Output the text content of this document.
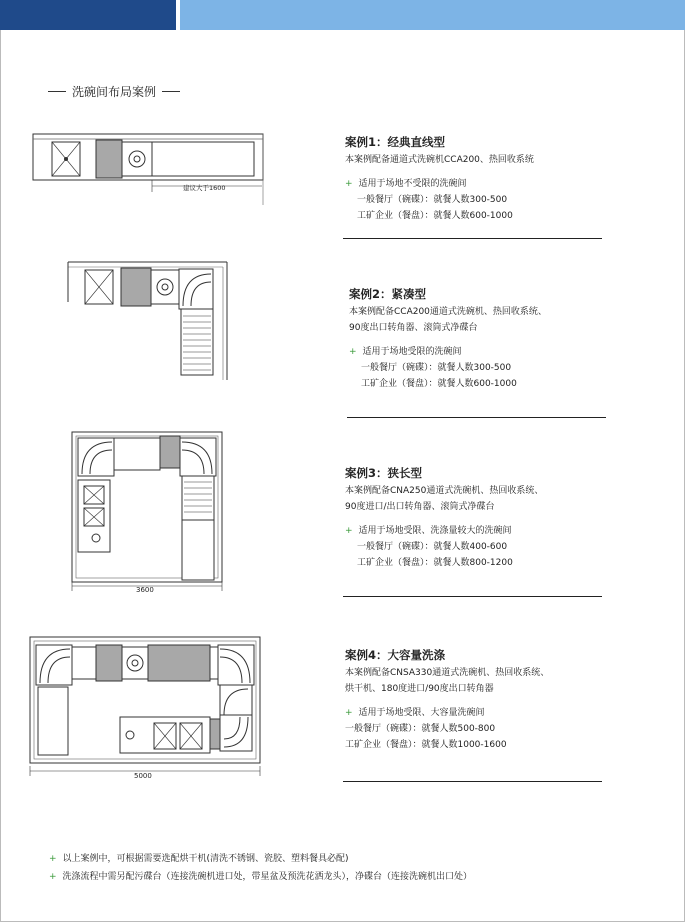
洗碗间布局案例
建议大于1600
案例1：经典直线型
本案例配备通道式洗碗机CCA200、热回收系统
+ 适用于场地不受限的洗碗间
一般餐厅（碗碟）：就餐人数300-500
工矿企业（餐盘）：就餐人数600-1000
案例2：紧凑型
本案例配备CCA200通道式洗碗机、热回收系统、
90度出口转角器、滚筒式净碟台
+ 适用于场地受限的洗碗间
一般餐厅（碗碟）：就餐人数300-500
工矿企业（餐盘）：就餐人数600-1000
3600
案例3：狭长型
本案例配备CNA250通道式洗碗机、热回收系统、
90度进口/出口转角器、滚筒式净碟台
+ 适用于场地受限、洗涤量较大的洗碗间
一般餐厅（碗碟）：就餐人数400-600
工矿企业（餐盘）：就餐人数800-1200
5000
案例4：大容量洗涤
本案例配备CNSA330通道式洗碗机、热回收系统、
烘干机、180度进口/90度出口转角器
+ 适用于场地受限、大容量洗碗间
一般餐厅（碗碟）：就餐人数500-800
工矿企业（餐盘）：就餐人数1000-1600
+ 以上案例中，可根据需要选配烘干机(清洗不锈钢、瓷胶、塑料餐具必配)
+ 洗涤流程中需另配污碟台（连接洗碗机进口处，带星盆及预洗花洒龙头），净碟台（连接洗碗机出口处）
